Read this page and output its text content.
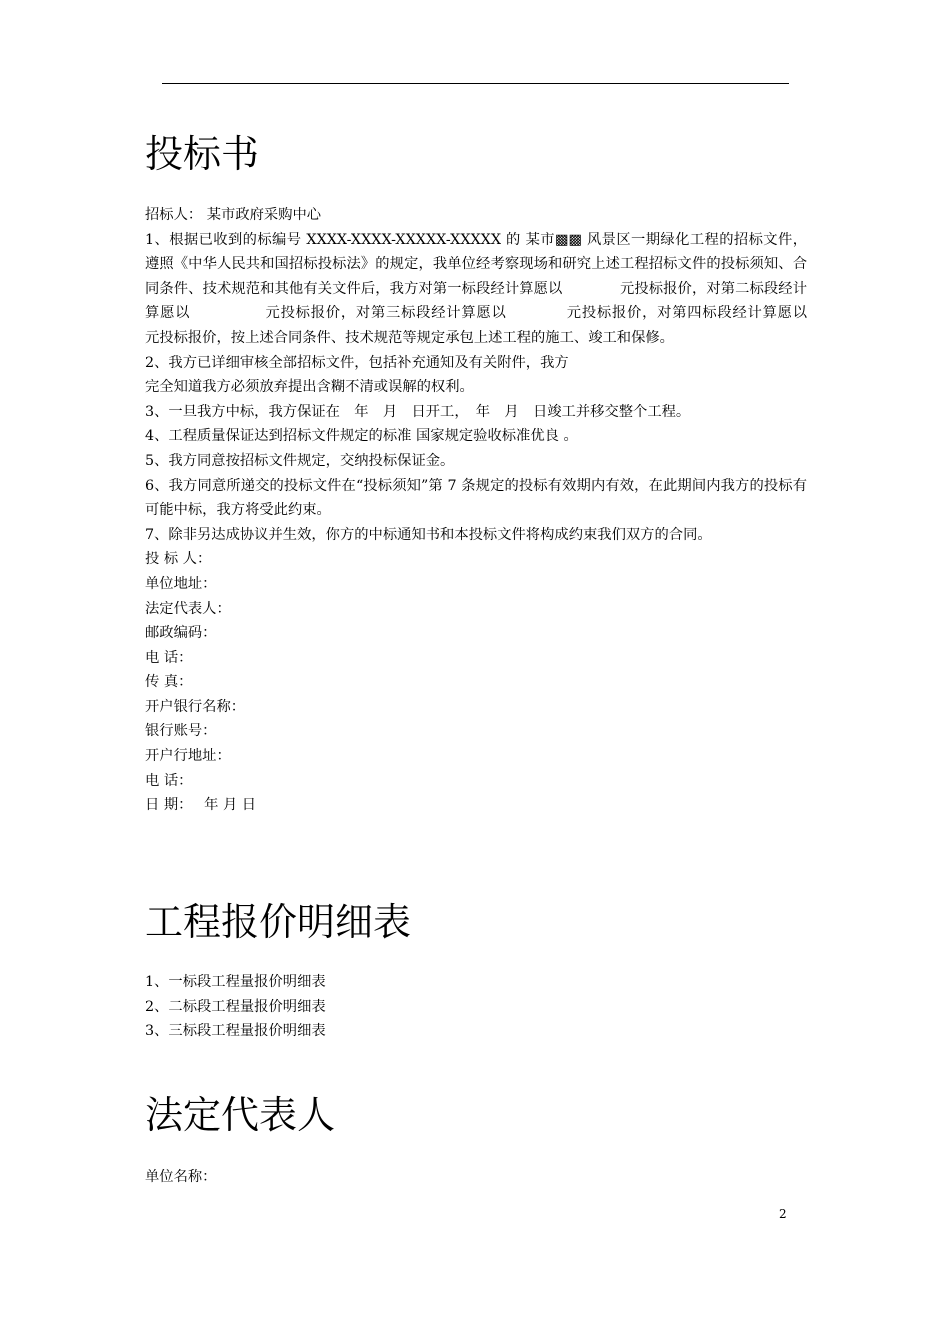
投标书

招标人： 某市政府采购中心

1、根据已收到的标编号 XXXX-XXXX-XXXXX-XXXXX 的 某市▩▩ 风景区一期绿化工程的招标文件，遵照《中华人民共和国招标投标法》的规定，我单位经考察现场和研究上述工程招标文件的投标须知、合同条件、技术规范和其他有关文件后，我方对第一标段经计算愿以　　　　元投标报价，对第二标段经计算愿以　　　　　元投标报价，对第三标段经计算愿以　　　　元投标报价，对第四标段经计算愿以　　　　　　元投标报价，按上述合同条件、技术规范等规定承包上述工程的施工、竣工和保修。

2、我方已详细审核全部招标文件，包括补充通知及有关附件，我方

完全知道我方必须放弃提出含糊不清或误解的权利。

3、一旦我方中标，我方保证在　年　月　日开工，　年　月　日竣工并移交整个工程。

4、工程质量保证达到招标文件规定的标准 国家规定验收标准优良 。

5、我方同意按招标文件规定，交纳投标保证金。

6、我方同意所递交的投标文件在“投标须知”第 7 条规定的投标有效期内有效，在此期间内我方的投标有可能中标，我方将受此约束。

7、除非另达成协议并生效，你方的中标通知书和本投标文件将构成约束我们双方的合同。

投 标 人：

单位地址：

法定代表人：

邮政编码：

电 话：

传 真：

开户银行名称：

银行账号：

开户行地址：

电 话：

日 期：　 年 月 日

工程报价明细表

1、一标段工程量报价明细表

2、二标段工程量报价明细表

3、三标段工程量报价明细表

法定代表人

单位名称：

2
